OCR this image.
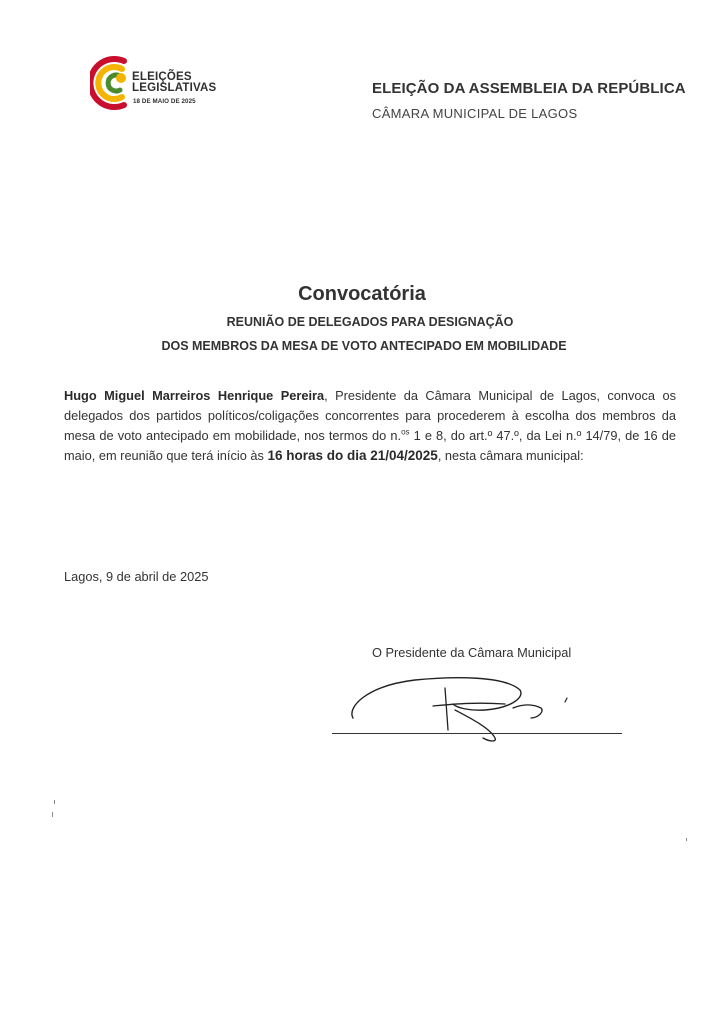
ELEIÇÕES
LEGISLATIVAS
18 DE MAIO DE 2025
ELEIÇÃO DA ASSEMBLEIA DA REPÚBLICA
CÂMARA MUNICIPAL DE LAGOS
Convocatória
REUNIÃO DE DELEGADOS PARA DESIGNAÇÃO
DOS MEMBROS DA MESA DE VOTO ANTECIPADO EM MOBILIDADE
Hugo Miguel Marreiros Henrique Pereira, Presidente da Câmara Municipal de Lagos, convoca os delegados dos partidos políticos/coligações concorrentes para procederem à escolha dos membros da mesa de voto antecipado em mobilidade, nos termos do n.$^{os}$ 1 e 8, do art.º 47.º, da Lei n.º 14/79, de 16 de maio, em reunião que terá início às 16 horas do dia 21/04/2025, nesta câmara municipal:
Lagos, 9 de abril de 2025
O Presidente da Câmara Municipal
